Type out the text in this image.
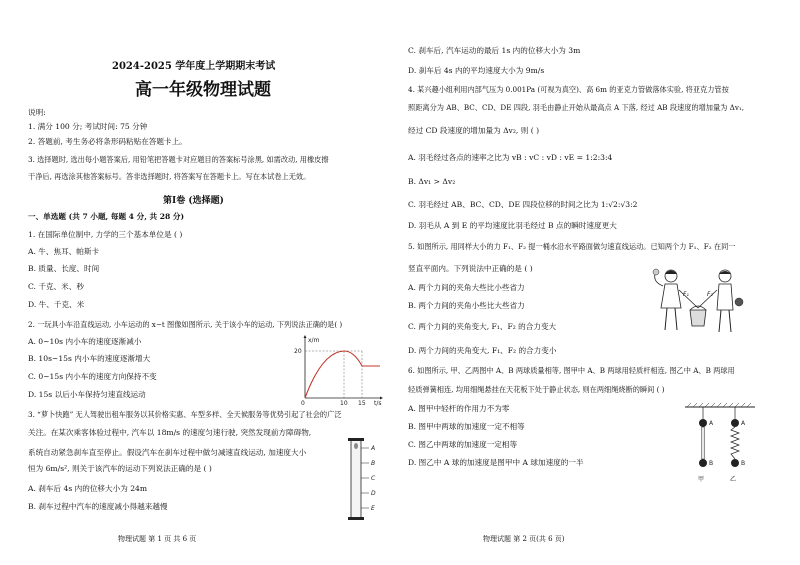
2024-2025 学年度上学期期末考试
高一年级物理试题
说明:
1. 满分 100 分; 考试时间: 75 分钟
2. 答题前, 考生务必将条形码粘贴在答题卡上。
3. 选择题时, 选出每小题答案后, 用铅笔把答题卡对应题目的答案标号涂黑, 如需改动, 用橡皮擦
干净后, 再选涂其他答案标号。答非选择题时, 将答案写在答题卡上。写在本试卷上无效。
第Ⅰ卷 (选择题)
一、单选题 (共 7 小题, 每题 4 分, 共 28 分)
1. 在国际单位制中, 力学的三个基本单位是 ( )
A. 牛、焦耳、帕斯卡
B. 质量、长度、时间
C. 千克、米、秒
D. 牛、千克、米
2. 一玩具小车沿直线运动, 小车运动的 x−t 图像如图所示, 关于该小车的运动, 下列说法正确的是( )
A. 0~10s 内小车的速度逐渐减小
B. 10s~15s 内小车的速度逐渐增大
C. 0~15s 内小车的速度方向保持不变
D. 15s 以后小车保持匀速直线运动
x/m
20
0	10 15 t/s
3. “萝卜快跑” 无人驾驶出租车服务以其价格实惠、车型多样、全天候服务等优势引起了社会的广泛
关注。在某次乘客体验过程中, 汽车以 18m/s 的速度匀速行驶, 突然发现前方障碍物,
系统自动紧急刹车直至停止。假设汽车在刹车过程中做匀减速直线运动, 加速度大小
恒为 6m/s², 则关于该汽车的运动下列说法正确的是 ( )
A. 刹车后 4s 内的位移大小为 24m
B. 刹车过程中汽车的速度减小得越来越慢
A
B
C
D
E
物理试题 第 1 页 共 6 页
C. 刹车后, 汽车运动的最后 1s 内的位移大小为 3m
D. 刹车后 4s 内的平均速度大小为 9m/s
4. 某兴趣小组利用内部气压为 0.001Pa (可视为真空)、高 6m 的亚克力管做落体实验, 将亚克力管按
照距离分为 AB、BC、CD、DE 四段, 羽毛由静止开始从最高点 A 下落, 经过 AB 段速度的增加量为 Δv₁,
经过 CD 段速度的增加量为 Δv₂, 则 ( )
A. 羽毛经过各点的速率之比为 vB : vC : vD : vE = 1:2:3:4
B. Δv₁ > Δv₂
C. 羽毛经过 AB、BC、CD、DE 四段位移的时间之比为 1:√2:√3:2
D. 羽毛从 A 到 E 的平均速度比羽毛经过 B 点的瞬时速度更大
5. 如图所示, 用同样大小的力 F₁、F₂ 提一桶水沿水平路面做匀速直线运动。已知两个力 F₁、F₂ 在同一
竖直平面内。下列说法中正确的是 ( )
A. 两个力间的夹角大些比小些省力
B. 两个力间的夹角小些比大些省力
C. 两个力间的夹角变大, F₁、F₂ 的合力变大
D. 两个力间的夹角变大, F₁、F₂ 的合力变小
F₁	F₂
6. 如图所示, 甲、乙两图中 A、B 两球质量相等, 图甲中 A、B 两球用轻质杆相连, 图乙中 A、B 两球用
轻质弹簧相连, 均用细绳悬挂在天花板下处于静止状态, 则在两细绳烧断的瞬间 ( )
A. 图甲中轻杆的作用力不为零
B. 图甲中两球的加速度一定不相等
C. 图乙中两球的加速度一定相等
D. 图乙中 A 球的加速度是图甲中 A 球加速度的一半
A
B
A
B
甲	乙
物理试题 第 2 页(共 6 页)
